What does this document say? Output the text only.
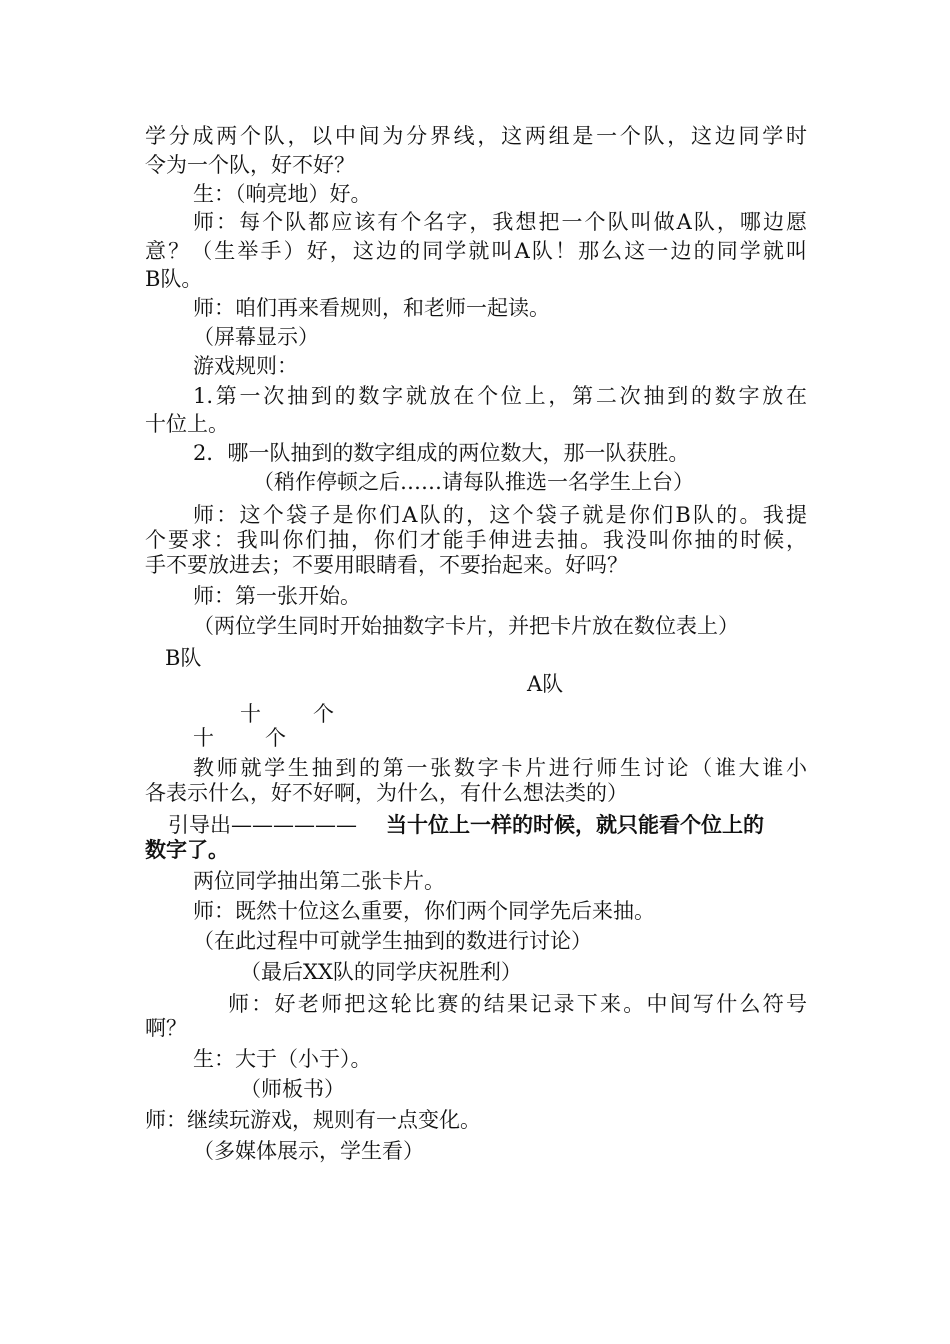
学分成两个队，以中间为分界线，这两组是一个队，这边同学时
令为一个队，好不好？
生：（响亮地）好。
师：每个队都应该有个名字，我想把一个队叫做A队，哪边愿
意？（生举手）好，这边的同学就叫A队！那么这一边的同学就叫
B队。
师：咱们再来看规则，和老师一起读。
（屏幕显示）
游戏规则：
1.第一次抽到的数字就放在个位上，第二次抽到的数字放在
十位上。
2．哪一队抽到的数字组成的两位数大，那一队获胜。
（稍作停顿之后……请每队推选一名学生上台）
师：这个袋子是你们A队的，这个袋子就是你们B队的。我提
个要求：我叫你们抽，你们才能手伸进去抽。我没叫你抽的时候，
手不要放进去；不要用眼睛看，不要抬起来。好吗？
师：第一张开始。
（两位学生同时开始抽数字卡片，并把卡片放在数位表上）
B队
A队
十 个
十 个
教师就学生抽到的第一张数字卡片进行师生讨论（谁大谁小
各表示什么，好不好啊，为什么，有什么想法类的）
引导出—————— 当十位上一样的时候，就只能看个位上的
数字了。
两位同学抽出第二张卡片。
师：既然十位这么重要，你们两个同学先后来抽。
（在此过程中可就学生抽到的数进行讨论）
（最后XX队的同学庆祝胜利）
师：好老师把这轮比赛的结果记录下来。中间写什么符号
啊？
生：大于（小于）。
（师板书）
师：继续玩游戏，规则有一点变化。
（多媒体展示，学生看）
